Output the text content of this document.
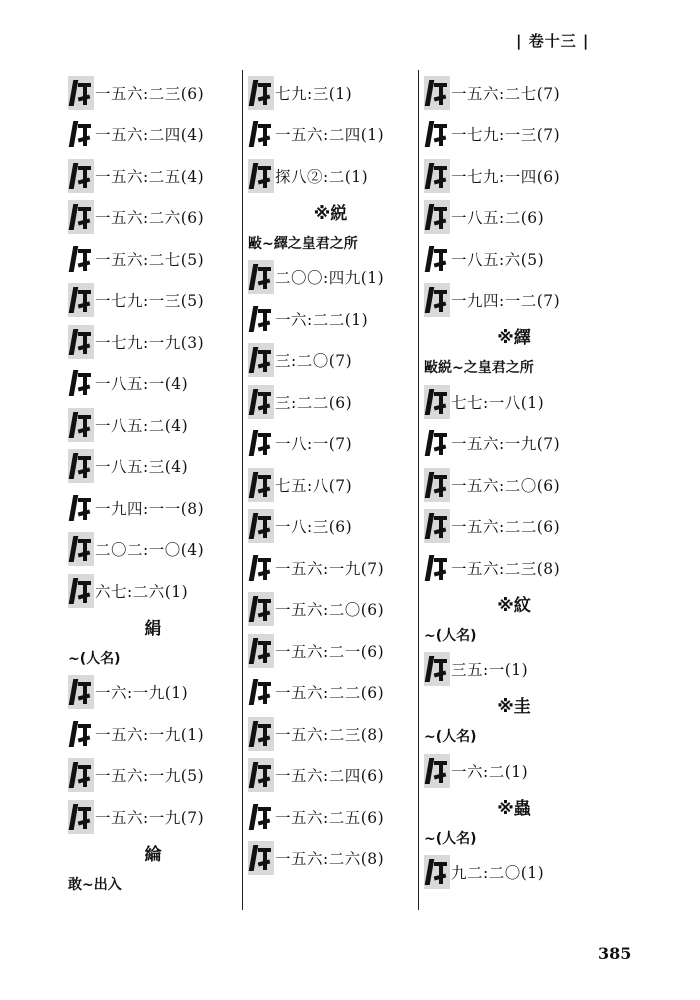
| 卷十三 |
一五六:二三(6)
一五六:二四(4)
一五六:二五(4)
一五六:二六(6)
一五六:二七(5)
一七九:一三(5)
一七九:一九(3)
一八五:一(4)
一八五:二(4)
一八五:三(4)
一九四:一一(8)
二〇二:一〇(4)
六七:二六(1)
絹
~(人名)
一六:一九(1)
一五六:一九(1)
一五六:一九(5)
一五六:一九(7)
綸
敢~出入
七九:三(1)
一五六:二四(1)
探八②:二(1)
※綐
敺~繹之皇君之所
二〇〇:四九(1)
一六:二二(1)
三:二〇(7)
三:二二(6)
一八:一(7)
七五:八(7)
一八:三(6)
一五六:一九(7)
一五六:二〇(6)
一五六:二一(6)
一五六:二二(6)
一五六:二三(8)
一五六:二四(6)
一五六:二五(6)
一五六:二六(8)
一五六:二七(7)
一七九:一三(7)
一七九:一四(6)
一八五:二(6)
一八五:六(5)
一九四:一二(7)
※繹
敺綐~之皇君之所
七七:一八(1)
一五六:一九(7)
一五六:二〇(6)
一五六:二二(6)
一五六:二三(8)
※紋
~(人名)
三五:一(1)
※圭
~(人名)
一六:二(1)
※蟲
~(人名)
九二:二〇(1)
385
